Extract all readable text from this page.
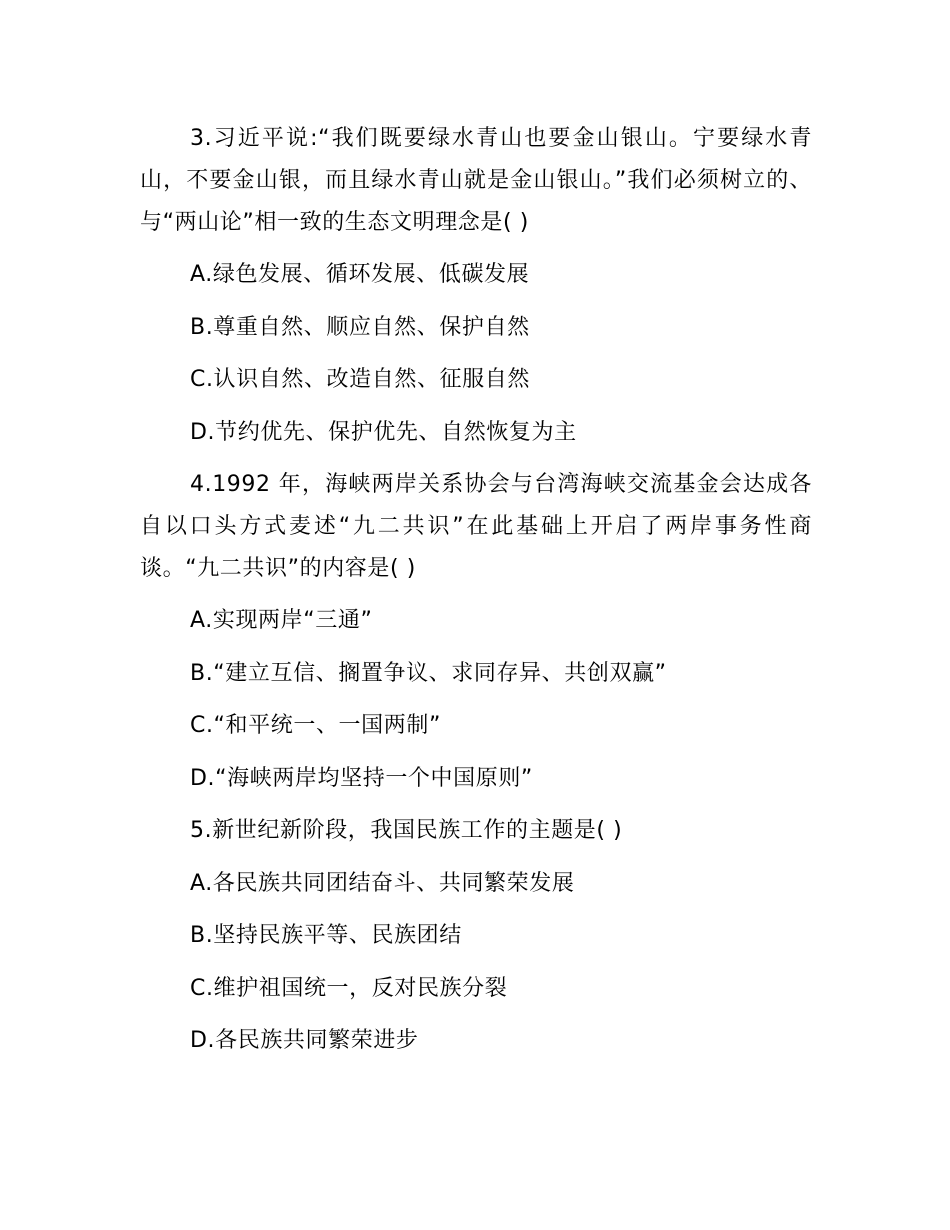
3.习近平说:“我们既要绿水青山也要金山银山。宁要绿水青山，不要金山银，而且绿水青山就是金山银山。”我们必须树立的、与“两山论”相一致的生态文明理念是( )

A.绿色发展、循环发展、低碳发展
B.尊重自然、顺应自然、保护自然
C.认识自然、改造自然、征服自然
D.节约优先、保护优先、自然恢复为主

4.1992 年，海峡两岸关系协会与台湾海峡交流基金会达成各自以口头方式麦述“九二共识”在此基础上开启了两岸事务性商谈。“九二共识”的内容是( )

A.实现两岸“三通”
B.“建立互信、搁置争议、求同存异、共创双赢”
C.“和平统一、一国两制”
D.“海峡两岸均坚持一个中国原则”

5.新世纪新阶段，我国民族工作的主题是( )

A.各民族共同团结奋斗、共同繁荣发展
B.坚持民族平等、民族团结
C.维护祖国统一，反对民族分裂
D.各民族共同繁荣进步
